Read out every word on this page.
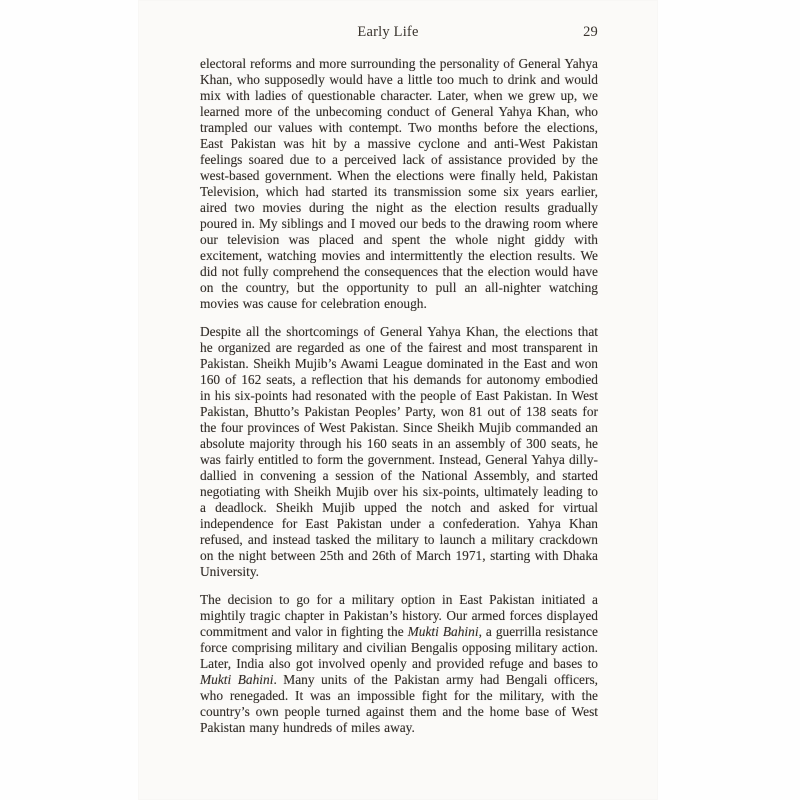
Early Life	29

electoral reforms and more surrounding the personality of General Yahya Khan, who supposedly would have a little too much to drink and would mix with ladies of questionable character. Later, when we grew up, we learned more of the unbecoming conduct of General Yahya Khan, who trampled our values with contempt. Two months before the elections, East Pakistan was hit by a massive cyclone and anti-West Pakistan feelings soared due to a perceived lack of assistance provided by the west-based government. When the elections were finally held, Pakistan Television, which had started its transmission some six years earlier, aired two movies during the night as the election results gradually poured in. My siblings and I moved our beds to the drawing room where our television was placed and spent the whole night giddy with excitement, watching movies and intermittently the election results. We did not fully comprehend the consequences that the election would have on the country, but the opportunity to pull an all-nighter watching movies was cause for celebration enough.

Despite all the shortcomings of General Yahya Khan, the elections that he organized are regarded as one of the fairest and most transparent in Pakistan. Sheikh Mujib’s Awami League dominated in the East and won 160 of 162 seats, a reflection that his demands for autonomy embodied in his six-points had resonated with the people of East Pakistan. In West Pakistan, Bhutto’s Pakistan Peoples’ Party, won 81 out of 138 seats for the four provinces of West Pakistan. Since Sheikh Mujib commanded an absolute majority through his 160 seats in an assembly of 300 seats, he was fairly entitled to form the government. Instead, General Yahya dilly-dallied in convening a session of the National Assembly, and started negotiating with Sheikh Mujib over his six-points, ultimately leading to a deadlock. Sheikh Mujib upped the notch and asked for virtual independence for East Pakistan under a confederation. Yahya Khan refused, and instead tasked the military to launch a military crackdown on the night between 25th and 26th of March 1971, starting with Dhaka University.

The decision to go for a military option in East Pakistan initiated a mightily tragic chapter in Pakistan’s history. Our armed forces displayed commitment and valor in fighting the Mukti Bahini, a guerrilla resistance force comprising military and civilian Bengalis opposing military action. Later, India also got involved openly and provided refuge and bases to Mukti Bahini. Many units of the Pakistan army had Bengali officers, who renegaded. It was an impossible fight for the military, with the country’s own people turned against them and the home base of West Pakistan many hundreds of miles away.
